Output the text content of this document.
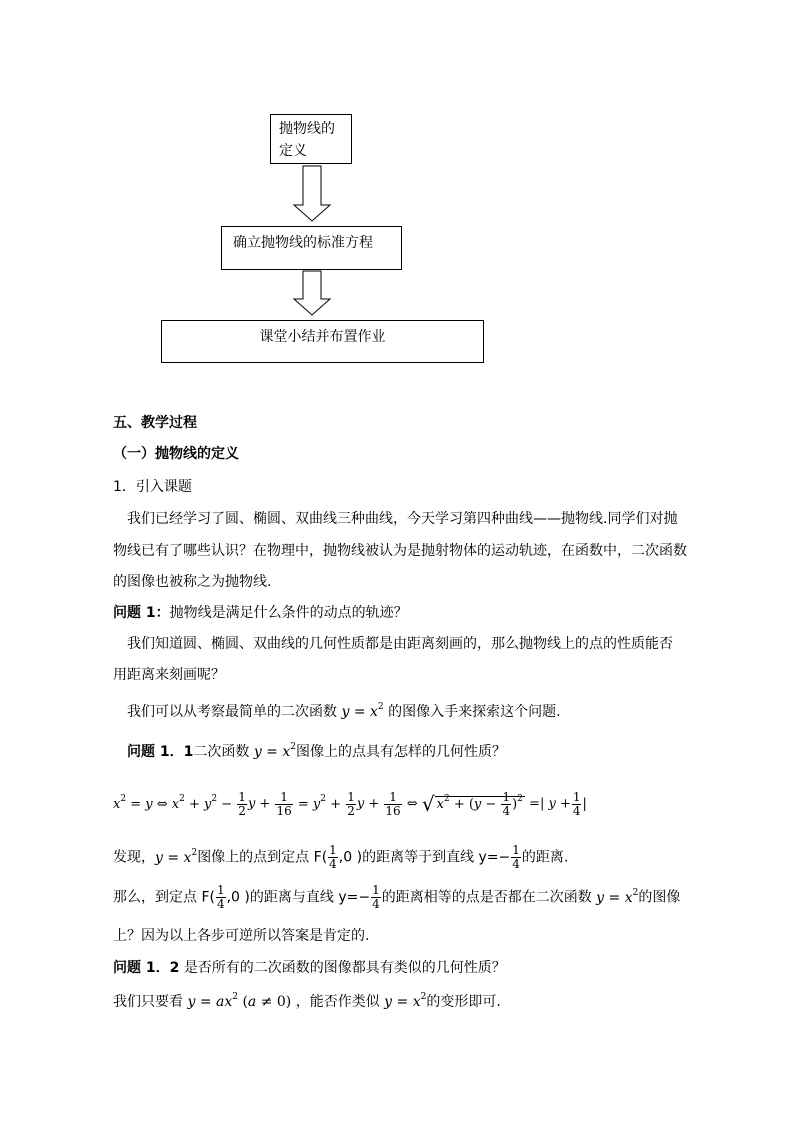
抛物线的
定义
确立抛物线的标准方程
课堂小结并布置作业
五、教学过程
（一）抛物线的定义
1．引入课题
我们已经学习了圆、椭圆、双曲线三种曲线，今天学习第四种曲线——抛物线.同学们对抛
物线已有了哪些认识？在物理中，抛物线被认为是抛射物体的运动轨迹，在函数中，二次函数
的图像也被称之为抛物线.
问题 1：抛物线是满足什么条件的动点的轨迹？
我们知道圆、椭圆、双曲线的几何性质都是由距离刻画的，那么抛物线上的点的性质能否
用距离来刻画呢？
我们可以从考察最简单的二次函数 $y = x^2$ 的图像入手来探索这个问题.
问题 1．1二次函数 $y = x^2$图像上的点具有怎样的几何性质？
$x^2 = y$ ⇔ $x^2 + y^2 - \frac{1}{2}$ $y + \frac{1}{16} = y^2 + \frac{1}{2}$ $y + \frac{1}{16}$ ⇔ √ $x^2 + (y - \frac{1}{4} )^2$ =| $y + \frac{1}{4}$ |
发现，$y = x^2$图像上的点到定点 $F( \frac{1}{4} ,0$ )的距离等于到直线 $y=- \frac{1}{4}$ 的距离.
那么，到定点 $F( \frac{1}{4} ,0$ )的距离与直线 $y=- \frac{1}{4}$ 的距离相等的点是否都在二次函数 $y = x^2$的图像
上？因为以上各步可逆所以答案是肯定的.
问题 1．2 是否所有的二次函数的图像都具有类似的几何性质？
我们只要看 $y = ax^2$ (a ≠ 0) ，能否作类似 $y = x^2$的变形即可.
